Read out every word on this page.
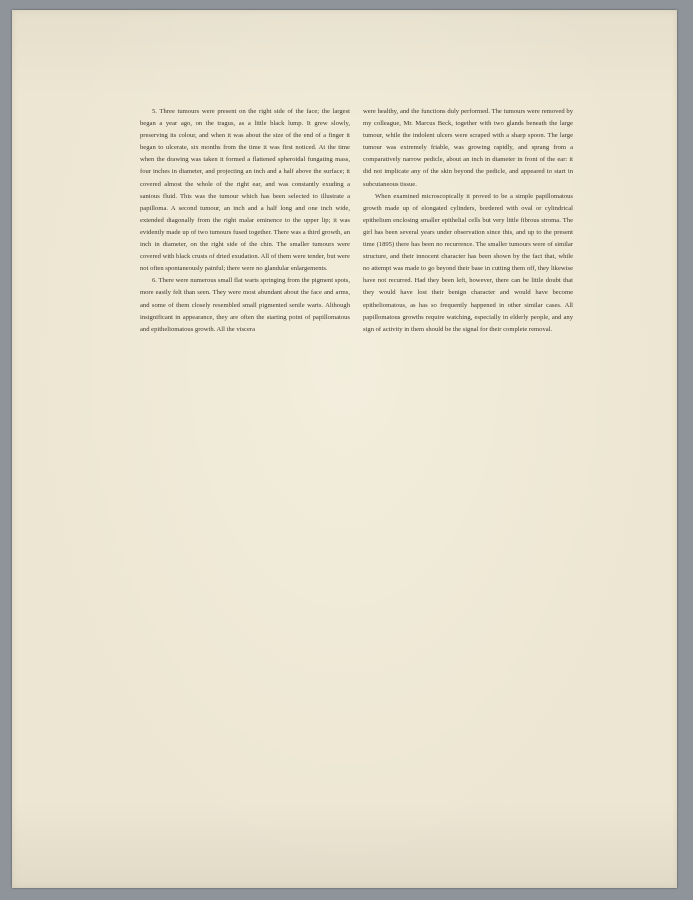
5. Three tumours were present on the right side of the face; the largest began a year ago, on the tragus, as a little black lump. It grew slowly, preserving its colour, and when it was about the size of the end of a finger it began to ulcerate, six months from the time it was first noticed. At the time when the drawing was taken it formed a flattened spheroidal fungating mass, four inches in diameter, and projecting an inch and a half above the surface; it covered almost the whole of the right ear, and was constantly exuding a sanious fluid. This was the tumour which has been selected to illustrate a papilloma. A second tumour, an inch and a half long and one inch wide, extended diagonally from the right malar eminence to the upper lip; it was evidently made up of two tumours fused together. There was a third growth, an inch in diameter, on the right side of the chin. The smaller tumours were covered with black crusts of dried exudation. All of them were tender, but were not often spontaneously painful; there were no glandular enlargements.

6. There were numerous small flat warts springing from the pigment spots, more easily felt than seen. They were most abundant about the face and arms, and some of them closely resembled small pigmented senile warts. Although insignificant in appearance, they are often the starting point of papillomatous and epitheliomatous growth. All the viscera

were healthy, and the functions duly performed. The tumours were removed by my colleague, Mr. Marcus Beck, together with two glands beneath the large tumour, while the indolent ulcers were scraped with a sharp spoon. The large tumour was extremely friable, was growing rapidly, and sprang from a comparatively narrow pedicle, about an inch in diameter in front of the ear: it did not implicate any of the skin beyond the pedicle, and appeared to start in subcutaneous tissue.

When examined microscopically it proved to be a simple papillomatous growth made up of elongated cylinders, bordered with oval or cylindrical epithelium enclosing smaller epithelial cells but very little fibrous stroma. The girl has been several years under observation since this, and up to the present time (1895) there has been no recurrence. The smaller tumours were of similar structure, and their innocent character has been shown by the fact that, while no attempt was made to go beyond their base in cutting them off, they likewise have not recurred. Had they been left, however, there can be little doubt that they would have lost their benign character and would have become epitheliomatous, as has so frequently happened in other similar cases. All papillomatous growths require watching, especially in elderly people, and any sign of activity in them should be the signal for their complete removal.
